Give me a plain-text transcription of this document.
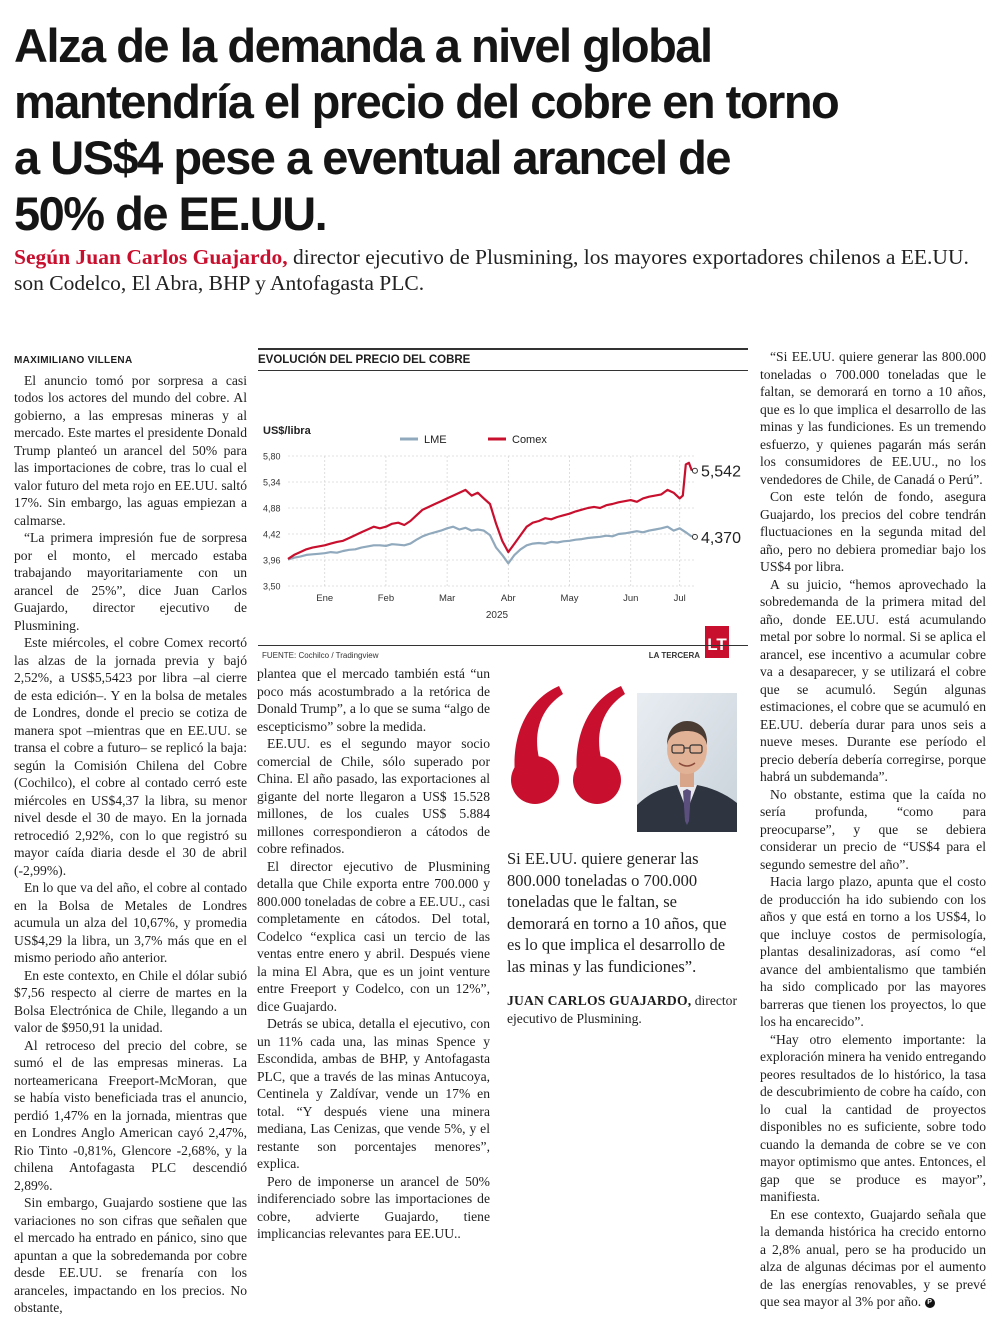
Alza de la demanda a nivel global
mantendría el precio del cobre en torno
a US$4 pese a eventual arancel de
50% de EE.UU.

Según Juan Carlos Guajardo, director ejecutivo de Plusmining, los mayores exportadores chilenos a EE.UU. son Codelco, El Abra, BHP y Antofagasta PLC.

MAXIMILIANO VILLENA

El anuncio tomó por sorpresa a casi todos los actores del mundo del cobre. Al gobierno, a las empresas mineras y al mercado. Este martes el presidente Donald Trump planteó un arancel del 50% para las importaciones de cobre, tras lo cual el valor futuro del meta rojo en EE.UU. saltó 17%. Sin embargo, las aguas empiezan a calmarse.

“La primera impresión fue de sorpresa por el monto, el mercado estaba trabajando mayoritariamente con un arancel de 25%”, dice Juan Carlos Guajardo, director ejecutivo de Plusmining.

Este miércoles, el cobre Comex recortó las alzas de la jornada previa y bajó 2,52%, a US$5,5423 por libra –al cierre de esta edición–. Y en la bolsa de metales de Londres, donde el precio se cotiza de manera spot –mientras que en EE.UU. se transa el cobre a futuro– se replicó la baja: según la Comisión Chilena del Cobre (Cochilco), el cobre al contado cerró este miércoles en US$4,37 la libra, su menor nivel desde el 30 de mayo. En la jornada retrocedió 2,92%, con lo que registró su mayor caída diaria desde el 30 de abril (-2,99%).

En lo que va del año, el cobre al contado en la Bolsa de Metales de Londres acumula un alza del 10,67%, y promedia US$4,29 la libra, un 3,7% más que en el mismo periodo año anterior.

En este contexto, en Chile el dólar subió $7,56 respecto al cierre de martes en la Bolsa Electrónica de Chile, llegando a un valor de $950,91 la unidad.

Al retroceso del precio del cobre, se sumó el de las empresas mineras. La norteamericana Freeport-McMoran, que se había visto beneficiada tras el anuncio, perdió 1,47% en la jornada, mientras que en Londres Anglo American cayó 2,47%, Rio Tinto -0,81%, Glencore -2,68%, y la chilena Antofagasta PLC descendió 2,89%.

Sin embargo, Guajardo sostiene que las variaciones no son cifras que señalen que el mercado ha entrado en pánico, sino que apuntan a que la sobredemanda por cobre desde EE.UU. se frenaría con los aranceles, impactando en los precios. No obstante,

EVOLUCIÓN DEL PRECIO DEL COBRE
5,80
5,34
4,88
4,42
3,96
3,50
Ene	Feb	Mar	Abr	May	Jun	Jul
4,370
5,542
US$/libra
LME	Comex
2025
FUENTE: Cochilco / Tradingview	LA TERCERA
LT

plantea que el mercado también está “un poco más acostumbrado a la retórica de Donald Trump”, a lo que se suma “algo de escepticismo” sobre la medida.

EE.UU. es el segundo mayor socio comercial de Chile, sólo superado por China. El año pasado, las exportaciones al gigante del norte llegaron a US$ 15.528 millones, de los cuales US$ 5.884 millones correspondieron a cátodos de cobre refinados.

El director ejecutivo de Plusmining detalla que Chile exporta entre 700.000 y 800.000 toneladas de cobre a EE.UU., casi completamente en cátodos. Del total, Codelco “explica casi un tercio de las ventas entre enero y abril. Después viene la mina El Abra, que es un joint venture entre Freeport y Codelco, con un 12%”, dice Guajardo.

Detrás se ubica, detalla el ejecutivo, con un 11% cada una, las minas Spence y Escondida, ambas de BHP, y Antofagasta PLC, que a través de las minas Antucoya, Centinela y Zaldívar, vende un 17% en total. “Y después viene una minera mediana, Las Cenizas, que vende 5%, y el restante son porcentajes menores”, explica.

Pero de imponerse un arancel de 50% indiferenciado sobre las importaciones de cobre, advierte Guajardo, tiene implicancias relevantes para EE.UU..

Si EE.UU. quiere generar las 800.000 toneladas o 700.000 toneladas que le faltan, se demorará en torno a 10 años, que es lo que implica el desarrollo de las minas y las fundiciones”.

JUAN CARLOS GUAJARDO, director ejecutivo de Plusmining.

“Si EE.UU. quiere generar las 800.000 toneladas o 700.000 toneladas que le faltan, se demorará en torno a 10 años, que es lo que implica el desarrollo de las minas y las fundiciones. Es un tremendo esfuerzo, y quienes pagarán más serán los consumidores de EE.UU., no los vendedores de Chile, de Canadá o Perú”.

Con este telón de fondo, asegura Guajardo, los precios del cobre tendrán fluctuaciones en la segunda mitad del año, pero no debiera promediar bajo los US$4 por libra.

A su juicio, “hemos aprovechado la sobredemanda de la primera mitad del año, donde EE.UU. está acumulando metal por sobre lo normal. Si se aplica el arancel, ese incentivo a acumular cobre va a desaparecer, y se utilizará el cobre que se acumuló. Según algunas estimaciones, el cobre que se acumuló en EE.UU. debería durar para unos seis a nueve meses. Durante ese período el precio debería debería corregirse, porque habrá un subdemanda”.

No obstante, estima que la caída no sería profunda, “como para preocuparse”, y que se debiera considerar un precio de “US$4 para el segundo semestre del año”.

Hacia largo plazo, apunta que el costo de producción ha ido subiendo con los años y que está en torno a los US$4, lo que incluye costos de permisología, plantas desalinizadoras, así como “el avance del ambientalismo que también ha sido complicado por las mayores barreras que tienen los proyectos, lo que los ha encarecido”.

“Hay otro elemento importante: la exploración minera ha venido entregando peores resultados de lo histórico, la tasa de descubrimiento de cobre ha caído, con lo cual la cantidad de proyectos disponibles no es suficiente, sobre todo cuando la demanda de cobre se ve con mayor optimismo que antes. Entonces, el gap que se produce es mayor”, manifiesta.

En ese contexto, Guajardo señala que la demanda histórica ha crecido entorno a 2,8% anual, pero se ha producido un alza de algunas décimas por el aumento de las energías renovables, y se prevé que sea mayor al 3% por año. P
